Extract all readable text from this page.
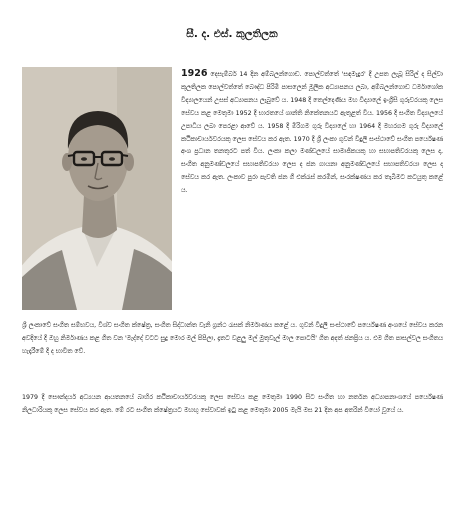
සී. ද. එස්. කුලතිලක
1926 දෙසැම්බර් 14 දින අම්බලන්ගොඩ. පොල්වත්තේ 'සඳමැදුර' දී උපත ලැබූ සිරිල් ද සිල්වා කුලතිලක පොල්වත්තේ බෞද්ධ පිරිමි පාසලෙන් මූලික අධ්‍යාපනය ලබා, අම්බලන්ගොඩ ධර්මාශෝක විද්‍යාලයෙන් උසස් අධ්‍යාපනය ලැබුවේ ය. 1948 දී තෙල්දෙණිය මහ විද්‍යාලේ ඉංග්‍රීසි ගුරුවරයකු ලෙස සේවය කළ මෙතුමා 1952 දී භාරතයේ ශාන්ති නිකේතනයට ඇතුළත් විය. 1956 දී සංගීත විද්‍යාලයේ උපාධිය ලබා පෙරළා ආවේ ය. 1958 දී මිරිගම ගුරු විද්‍යාලේ හා 1964 දී මහරගම ගුරු විද්‍යාලේ කථිකාචාර්යවරයකු ලෙස සේවය කර ඇත. 1970 දී ශ්‍රී ලංකා ගුවන් විදුලි සංස්ථාවේ සංගීත පර්යේෂණ අංශ ප්‍රධාන තනතුරට පත් විය. ලංකා කලා මණ්ඩලයේ සාමාජිකයකු හා සභාපතිවරයකු ලෙස ද, සංගීත අනුමණ්ඩලයේ සභාපතිවරයා ලෙස ද ජන ගායනා අනුමණ්ඩලයේ සභාපතිවරයා ලෙස ද සේවය කර ඇත. ලංකාව පුරා පැවති ජන ගී එක්රැස් කරමින්, සංරක්ෂණය කර තැබීමට කටයුතු කළේ ය.
ශ්‍රී ලංකාවේ සංගීත සම්භවය, විශ්ව සංගීත ක්ෂේත්‍ර, සංගීත සිද්ධාන්ත වැනි ග්‍රන්ථ රැසක් නිර්මාණය කළේ ය. ගුවන් විදුලි සංස්ථාවේ පර්යේෂණ අංශයේ සේවය කරන අවදියේ දී ඔහු නිර්මාණය කළ ගීත වන 'මැද්දේ වටට සුදු මොර මල් පිපිලා, දෑතට වළලු මල් මුතුවැල් මාල පොටයි' ගීත අදත් ජනප්‍රිය ය. එම ගීත පාසල්වල සංගීතය හැදෑරීමේ දී ද භාවිත වේ.
1979 දී සෞන්දර්ය අධ්‍යයන ආයතනයේ බාහිර කථිකාචාර්යවරයකු ලෙස සේවය කළ මෙතුමා 1990 සිට සංගීත හා නර්තන අධ්‍යාපනාංශයේ පර්යේෂණ නිලධාරියකු ලෙස සේවය කර ඇත. මේ රට සංගීත ක්ෂේත්‍රයට මහඟු සේවාවක් ඉටු කළ මෙතුමා 2005 මැයි මස 21 දින අප අතරින් වියෝ වූයේ ය.
